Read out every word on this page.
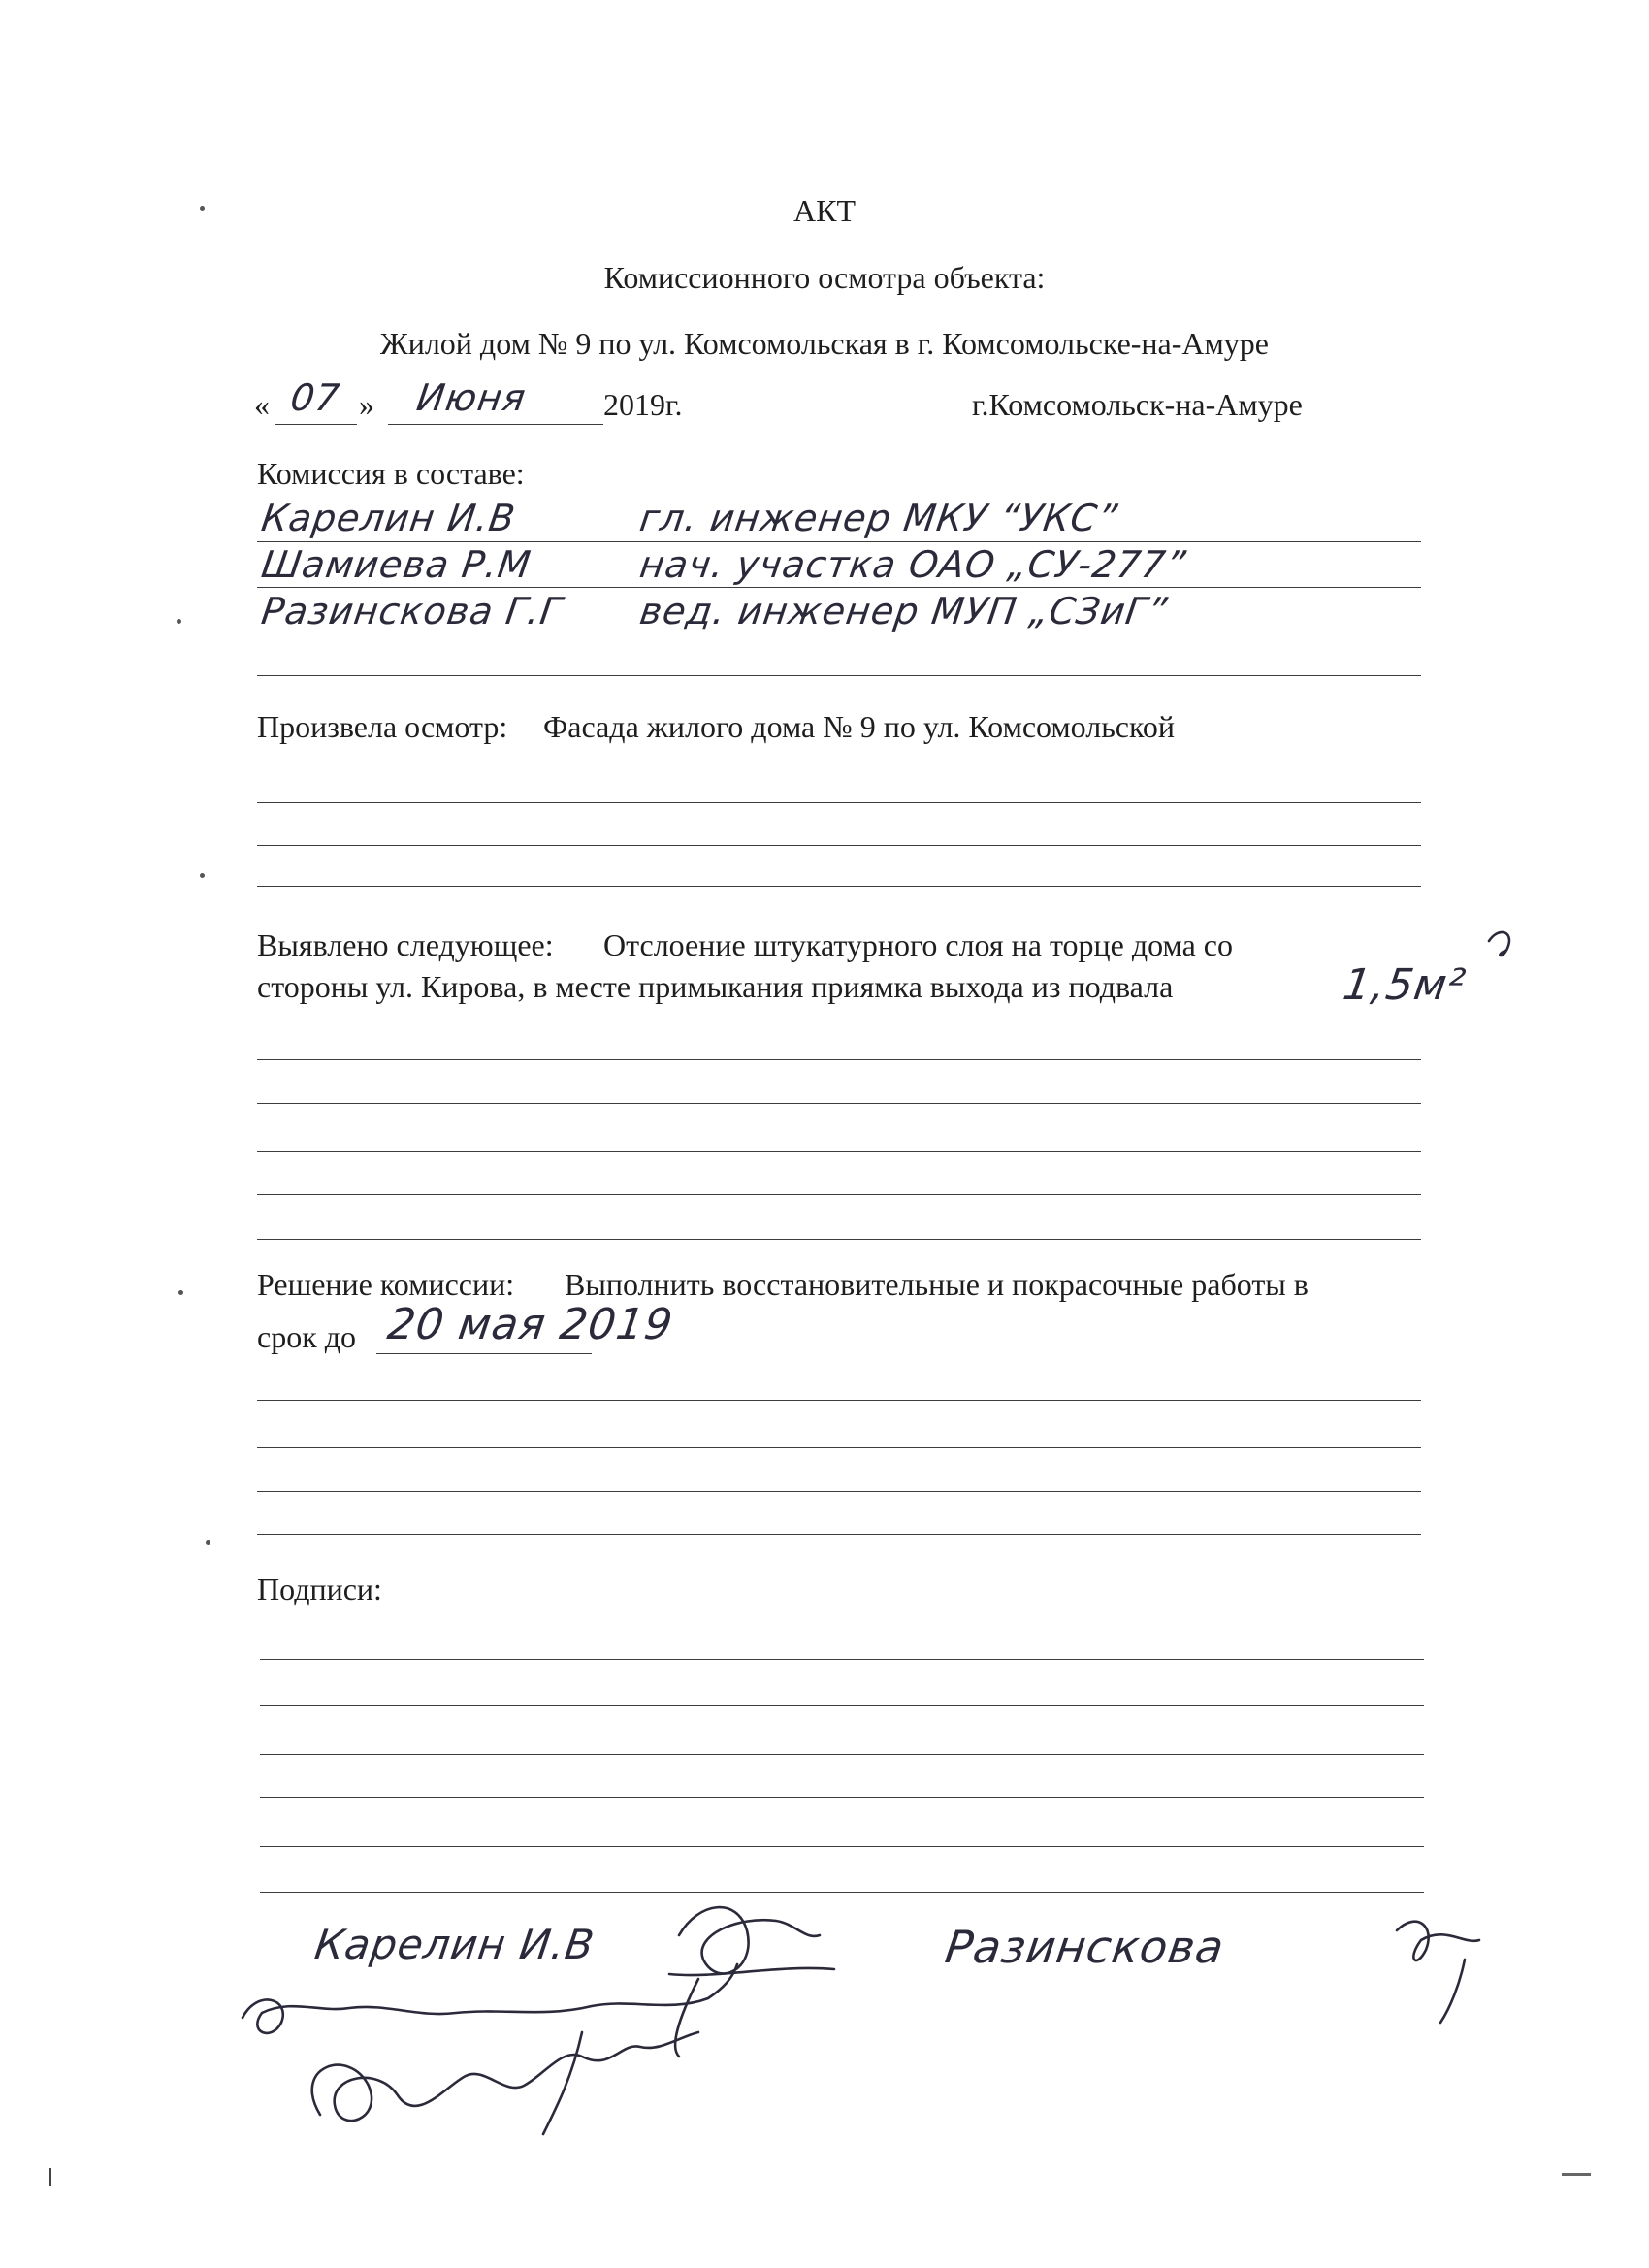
АКТ
Комиссионного осмотра объекта:
Жилой дом № 9 по ул. Комсомольская в г. Комсомольске-на-Амуре
« 07 » Июня 2019г.	г.Комсомольск-на-Амуре
Комиссия в составе:
Карелин И.В	гл. инженер МКУ “УКС”
Шамиева Р.М	нач. участка ОАО „СУ-277”
Разинскова Г.Г вед. инженер МУП „СЗиГ”
Произвела осмотр: Фасада жилого дома № 9 по ул. Комсомольской
Выявлено следующее: Отслоение штукатурного слоя на торце дома со
стороны ул. Кирова, в месте примыкания приямка выхода из подвала	1,5м²
Решение комиссии: Выполнить восстановительные и покрасочные работы в
срок до 20 мая 2019
Подписи:
Карелин И.В	Разинскова
